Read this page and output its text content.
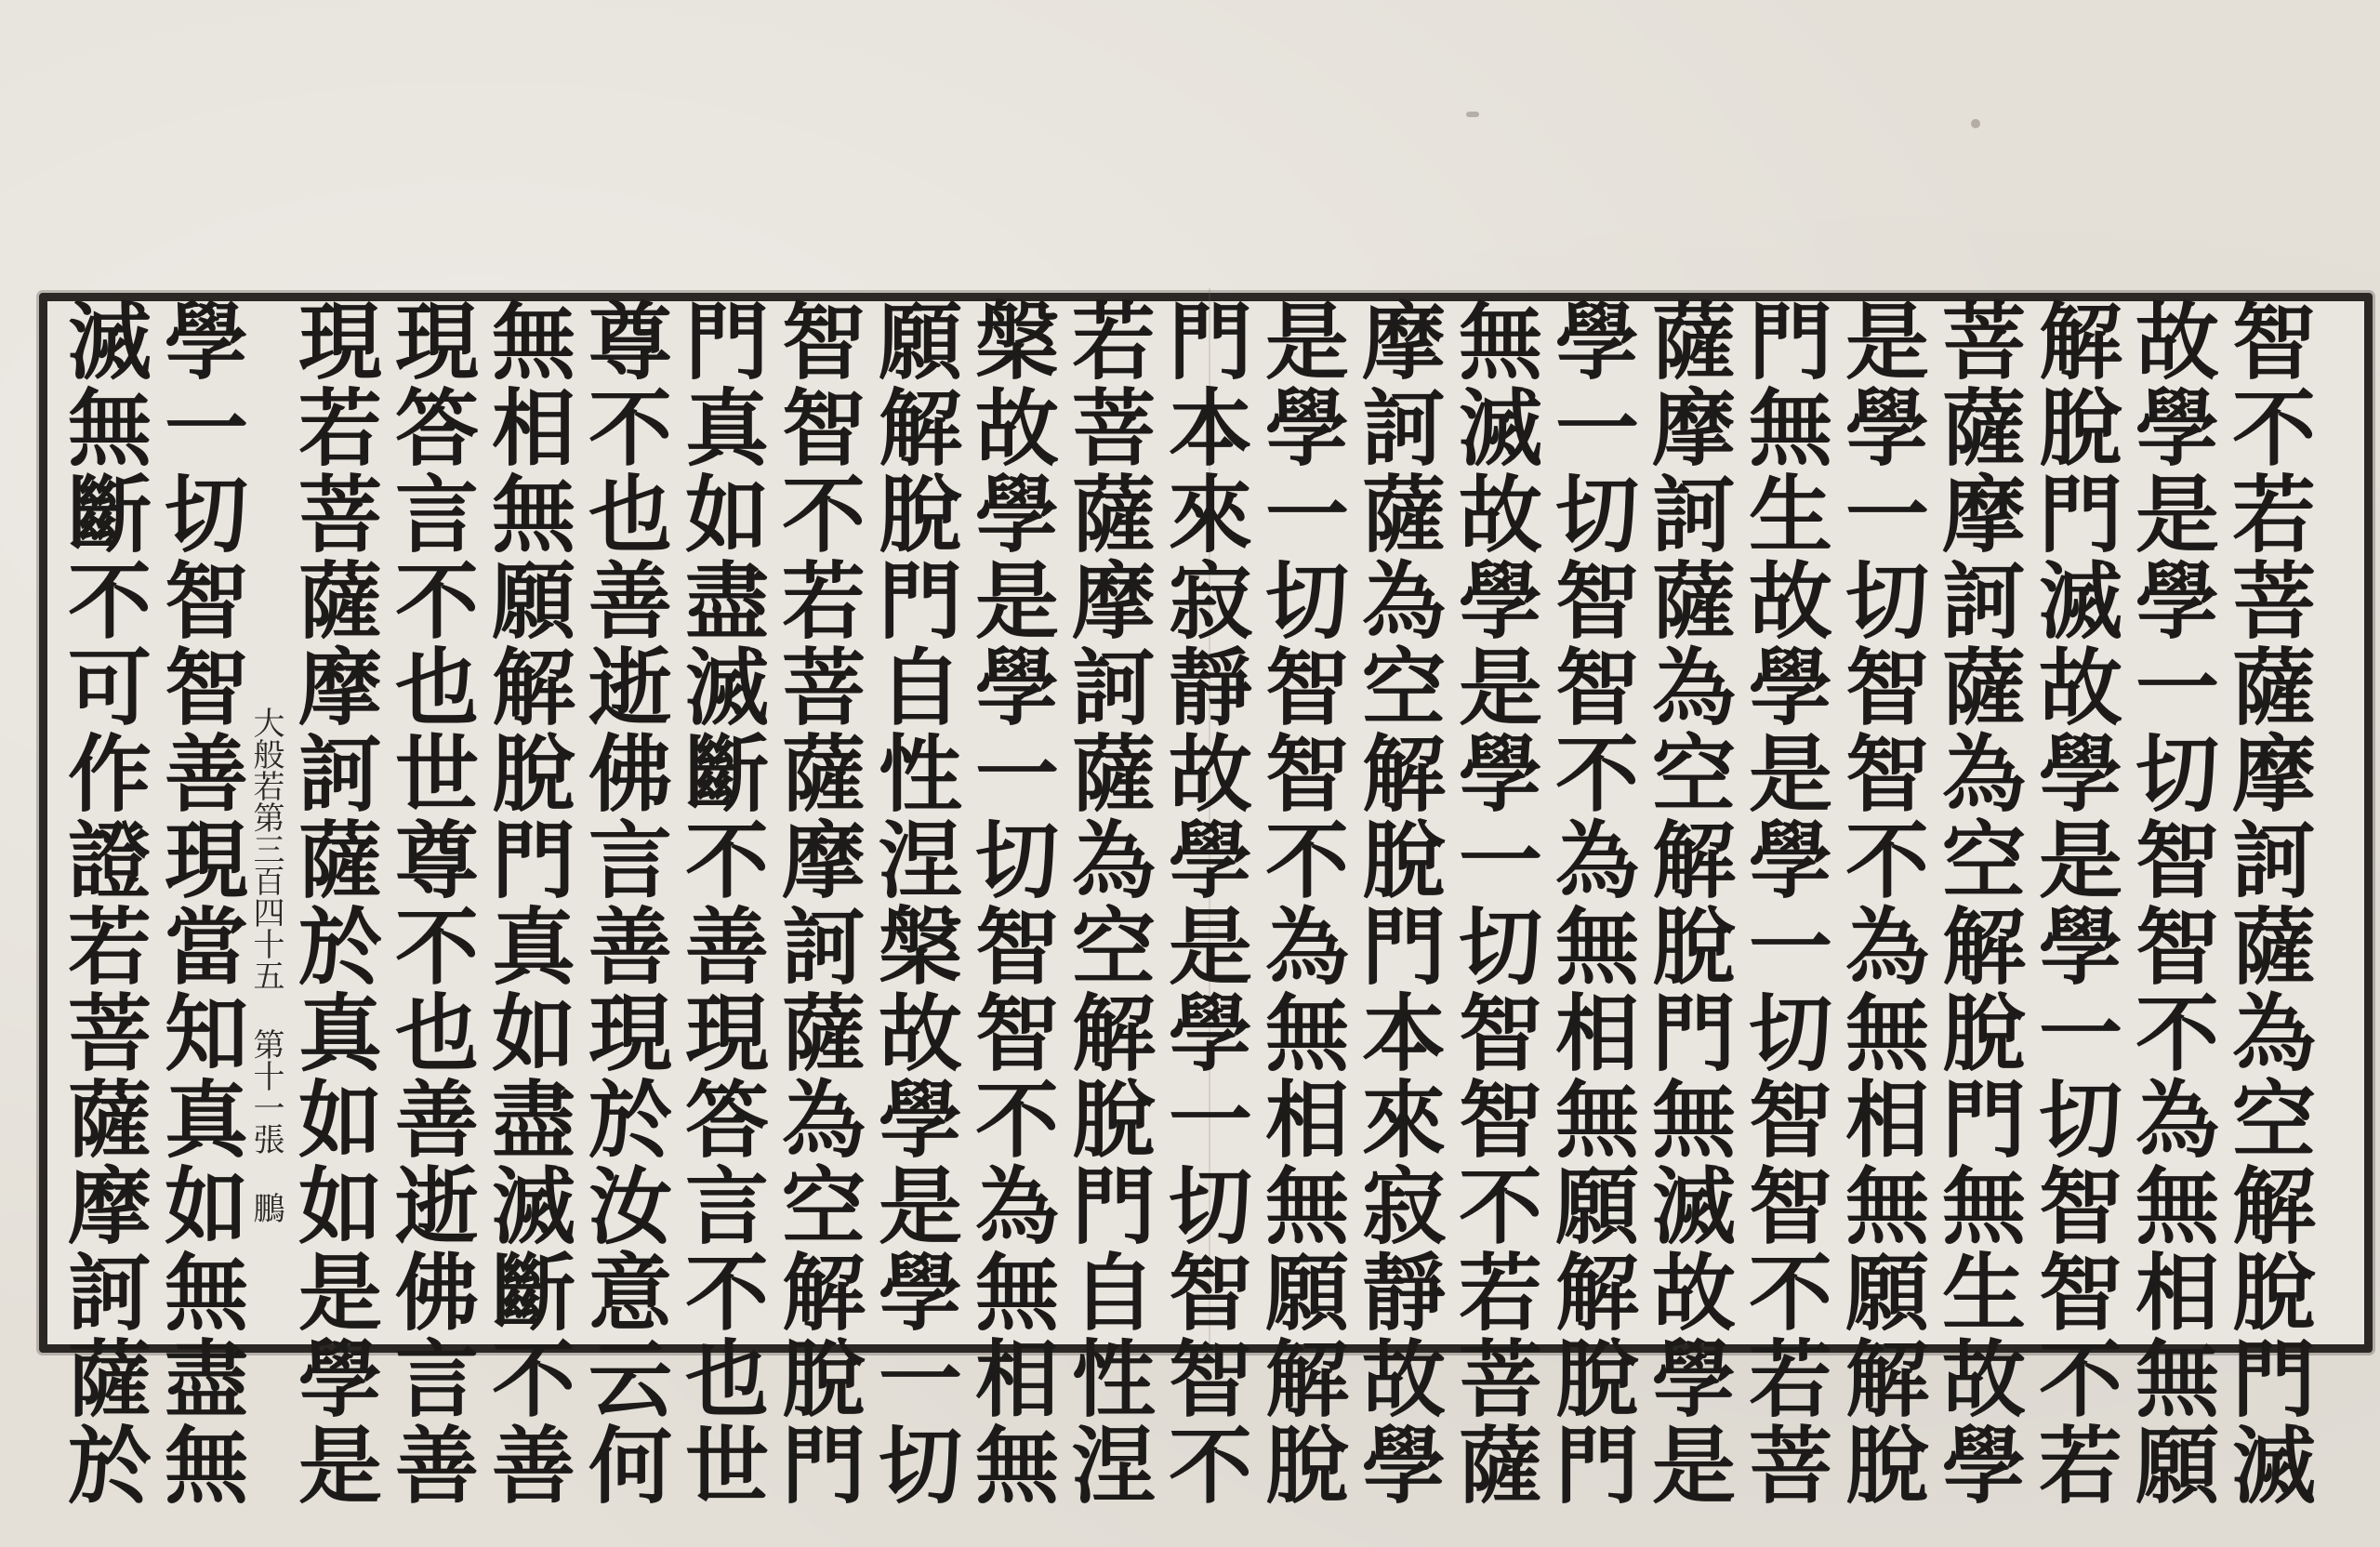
智不若菩薩摩訶薩為空解脫門滅
故學是學一切智智不為無相無願
解脫門滅故學是學一切智智不若
菩薩摩訶薩為空解脫門無生故學
是學一切智智不為無相無願解脫
門無生故學是學一切智智不若菩
薩摩訶薩為空解脫門無滅故學是
學一切智智不為無相無願解脫門
無滅故學是學一切智智不若菩薩
摩訶薩為空解脫門本來寂靜故學
是學一切智智不為無相無願解脫
門本來寂靜故學是學一切智智不
若菩薩摩訶薩為空解脫門自性涅
槃故學是學一切智智不為無相無
願解脫門自性涅槃故學是學一切
智智不若菩薩摩訶薩為空解脫門
門真如盡滅斷不善現答言不也世
尊不也善逝佛言善現於汝意云何
無相無願解脫門真如盡滅斷不善
現答言不也世尊不也善逝佛言善
現若菩薩摩訶薩於真如如是學是
大般若第三百四十五 第十一張 鵬
學一切智智善現當知真如無盡無
滅無斷不可作證若菩薩摩訶薩於
